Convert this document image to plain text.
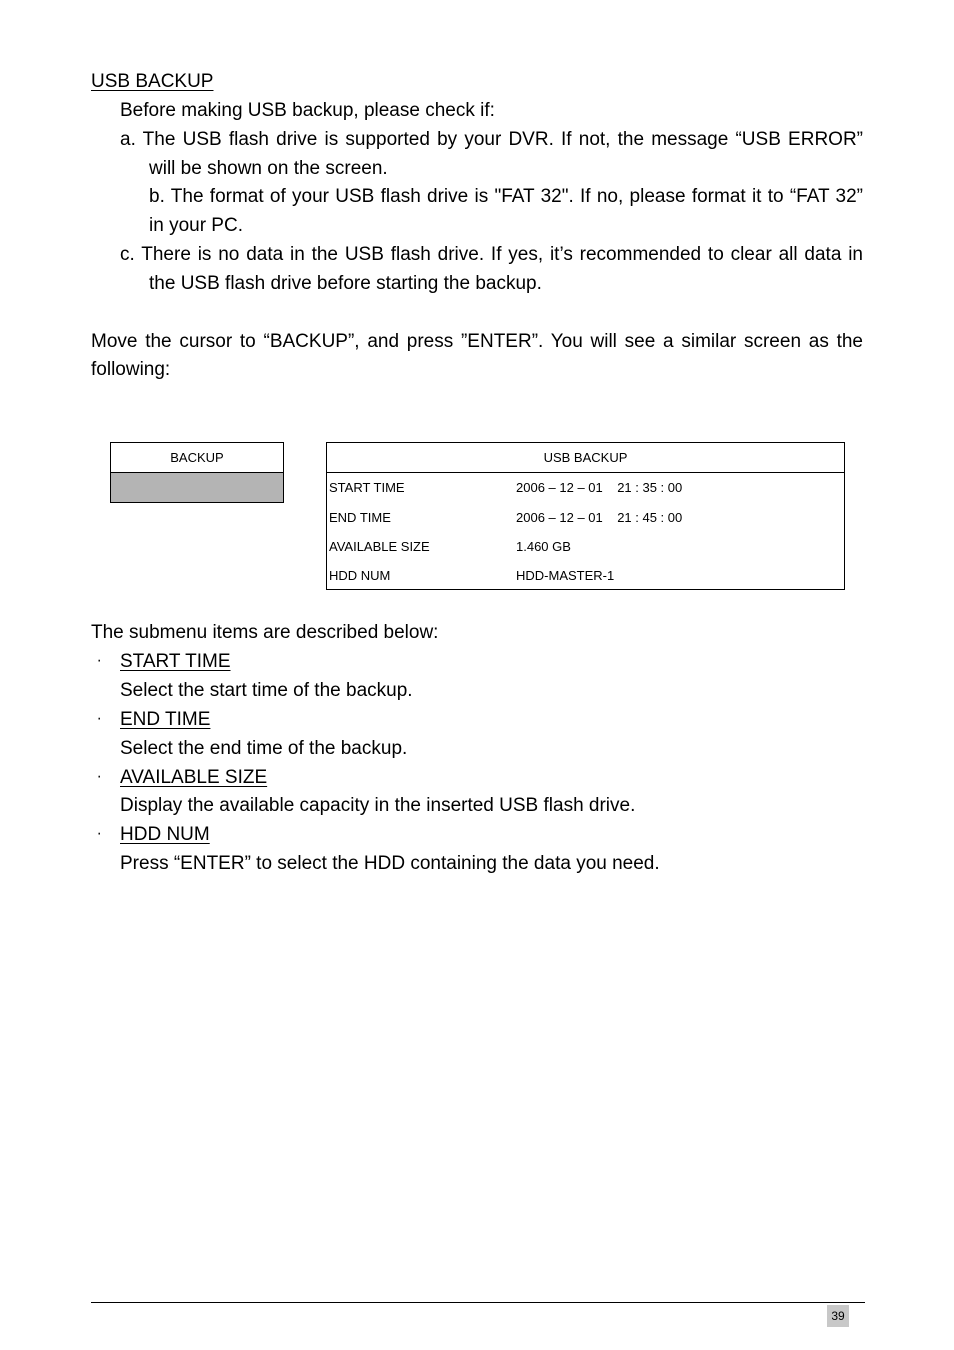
USB BACKUP
Before making USB backup, please check if:
a. The USB flash drive is supported by your DVR. If not, the message “USB ERROR”
will be shown on the screen.
b. The format of your USB flash drive is "FAT 32". If no, please format it to “FAT 32”
in your PC.
c. There is no data in the USB flash drive. If yes, it’s recommended to clear all data in
the USB flash drive before starting the backup.
Move the cursor to “BACKUP”, and press ”ENTER”. You will see a similar screen as the
following:
BACKUP	USB BACKUP
START TIME	2006 – 12 – 01    21 : 35 : 00
END TIME	2006 – 12 – 01    21 : 45 : 00
AVAILABLE SIZE	1.460 GB
HDD NUM	HDD-MASTER-1
The submenu items are described below:
‧ START TIME
Select the start time of the backup.
‧ END TIME
Select the end time of the backup.
‧ AVAILABLE SIZE
Display the available capacity in the inserted USB flash drive.
‧ HDD NUM
Press “ENTER” to select the HDD containing the data you need.
39
